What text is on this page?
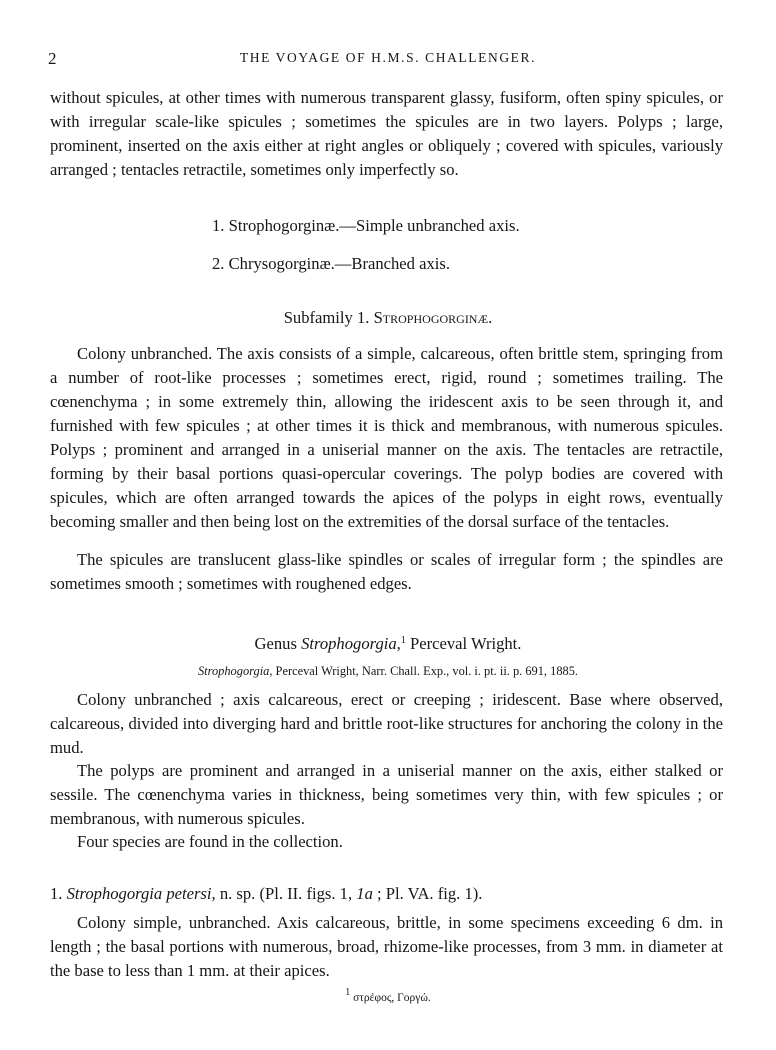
2	THE VOYAGE OF H.M.S. CHALLENGER.

without spicules, at other times with numerous transparent glassy, fusiform, often spiny spicules, or with irregular scale-like spicules ; sometimes the spicules are in two layers. Polyps ; large, prominent, inserted on the axis either at right angles or obliquely ; covered with spicules, variously arranged ; tentacles retractile, sometimes only imperfectly so.

1. Strophogorginæ.—Simple unbranched axis.
2. Chrysogorginæ.—Branched axis.
Subfamily 1. Strophogorginæ.

Colony unbranched. The axis consists of a simple, calcareous, often brittle stem, springing from a number of root-like processes ; sometimes erect, rigid, round ; sometimes trailing. The cœnenchyma ; in some extremely thin, allowing the iridescent axis to be seen through it, and furnished with few spicules ; at other times it is thick and membranous, with numerous spicules. Polyps ; prominent and arranged in a uniserial manner on the axis. The tentacles are retractile, forming by their basal portions quasi-opercular coverings. The polyp bodies are covered with spicules, which are often arranged towards the apices of the polyps in eight rows, eventually becoming smaller and then being lost on the extremities of the dorsal surface of the tentacles.

The spicules are translucent glass-like spindles or scales of irregular form ; the spindles are sometimes smooth ; sometimes with roughened edges.

Genus Strophogorgia,$^1$ Perceval Wright.
Strophogorgia, Perceval Wright, Narr. Chall. Exp., vol. i. pt. ii. p. 691, 1885.

Colony unbranched ; axis calcareous, erect or creeping ; iridescent. Base where observed, calcareous, divided into diverging hard and brittle root-like structures for anchoring the colony in the mud.

The polyps are prominent and arranged in a uniserial manner on the axis, either stalked or sessile. The cœnenchyma varies in thickness, being sometimes very thin, with few spicules ; or membranous, with numerous spicules.

Four species are found in the collection.

1. Strophogorgia petersi, n. sp. (Pl. II. figs. 1, 1a ; Pl. VA. fig. 1).

Colony simple, unbranched. Axis calcareous, brittle, in some specimens exceeding 6 dm. in length ; the basal portions with numerous, broad, rhizome-like processes, from 3 mm. in diameter at the base to less than 1 mm. at their apices.

$^1$ στρέφος, Γοργώ.
